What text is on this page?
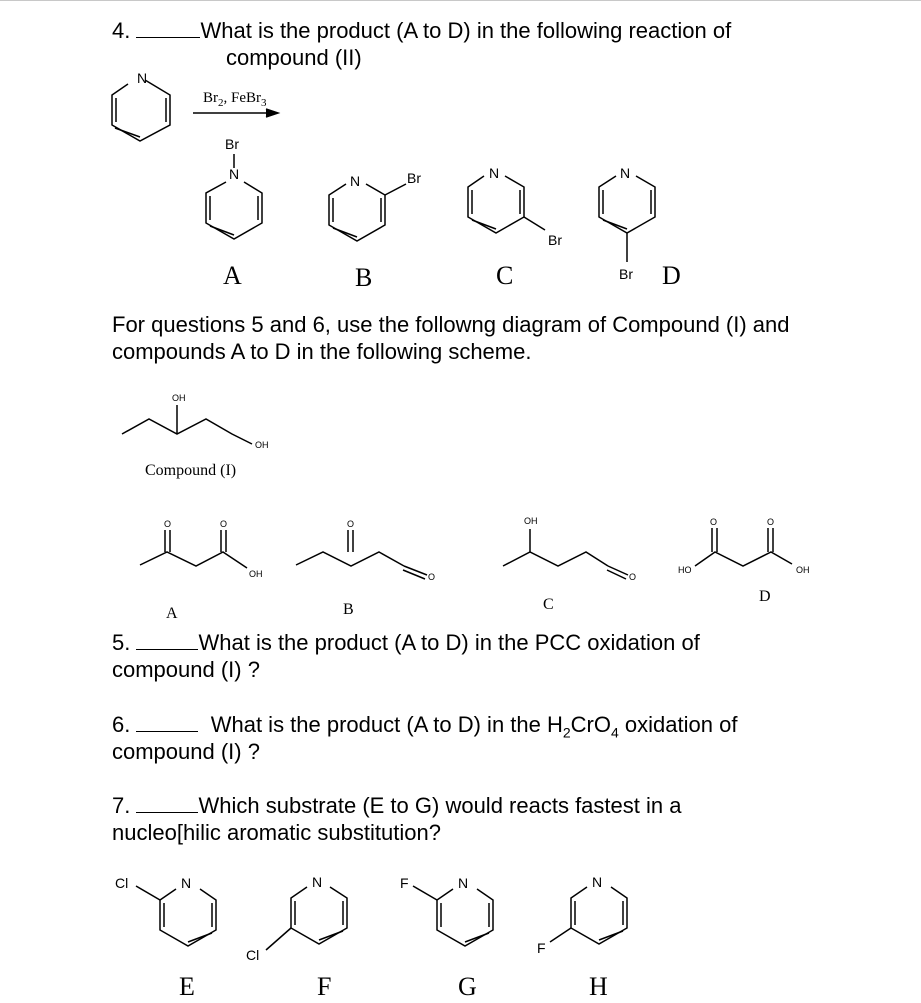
4.	What is the product (A to D) in the following reaction of
compound (II)
$Br_2$, FeBr$_3$
N
Br
N	N	Br	N
Br
N
Br
A	B	C	D
For questions 5 and 6, use the followng diagram of Compound (I) and
compounds A to D in the following scheme.
OH
OH
Compound (I)
O	O
OH
O
O
OH
O
O	O
HO	OH
A	B	C	D
5.	What is the product (A to D) in the PCC oxidation of
compound (I) ?
6.	What is the product (A to D) in the $H_2CrO_4$ oxidation of
compound (I) ?
7.	Which substrate (E to G) would reacts fastest in a
nucleo[hilic aromatic substitution?
Cl	N	N
Cl
F	N	N
F
E	F	G	H
